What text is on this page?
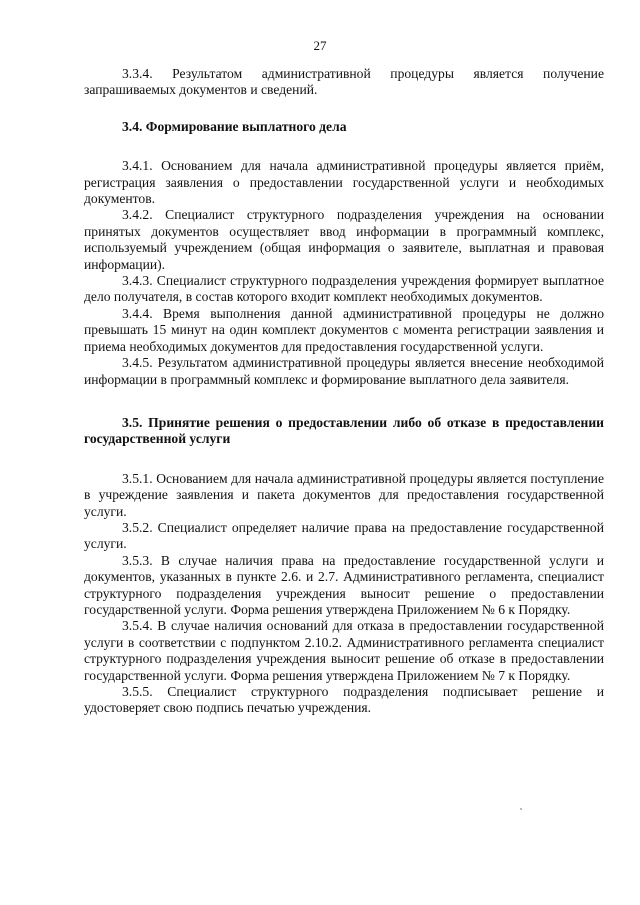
27

3.3.4. Результатом административной процедуры является получение запрашиваемых документов и сведений.

3.4. Формирование выплатного дела

3.4.1. Основанием для начала административной процедуры является приём, регистрация заявления о предоставлении государственной услуги и необходимых документов.

3.4.2. Специалист структурного подразделения учреждения на основании принятых документов осуществляет ввод информации в программный комплекс, используемый учреждением (общая информация о заявителе, выплатная и правовая информации).

3.4.3. Специалист структурного подразделения учреждения формирует выплатное дело получателя, в состав которого входит комплект необходимых документов.

3.4.4. Время выполнения данной административной процедуры не должно превышать 15 минут на один комплект документов с момента регистрации заявления и приема необходимых документов для предоставления государственной услуги.

3.4.5. Результатом административной процедуры является внесение необходимой информации в программный комплекс и формирование выплатного дела заявителя.

3.5. Принятие решения о предоставлении либо об отказе в предоставлении государственной услуги

3.5.1. Основанием для начала административной процедуры является поступление в учреждение заявления и пакета документов для предоставления государственной услуги.

3.5.2. Специалист определяет наличие права на предоставление государственной услуги.

3.5.3. В случае наличия права на предоставление государственной услуги и документов, указанных в пункте 2.6. и 2.7. Административного регламента, специалист структурного подразделения учреждения выносит решение о предоставлении государственной услуги. Форма решения утверждена Приложением № 6 к Порядку.

3.5.4. В случае наличия оснований для отказа в предоставлении государственной услуги в соответствии с подпунктом 2.10.2. Административного регламента специалист структурного подразделения учреждения выносит решение об отказе в предоставлении государственной услуги. Форма решения утверждена Приложением № 7 к Порядку.

3.5.5. Специалист структурного подразделения подписывает решение и удостоверяет свою подпись печатью учреждения.
